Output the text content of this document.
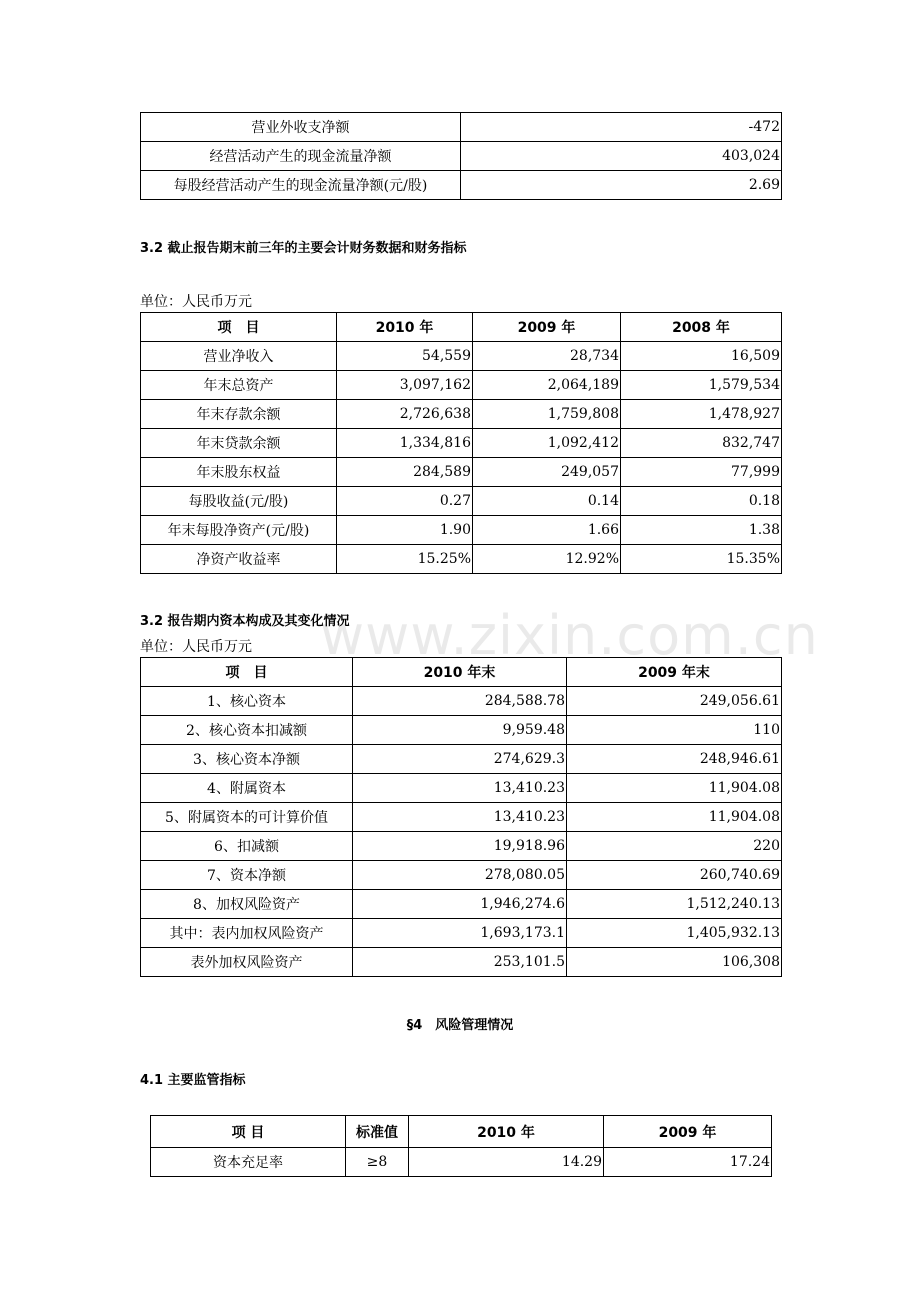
www.zixin.com.cn
营业外收支净额	-472
经营活动产生的现金流量净额	403,024
每股经营活动产生的现金流量净额(元/股)	2.69
3.2 截止报告期末前三年的主要会计财务数据和财务指标
单位：人民币万元
项　目	2010 年	2009 年	2008 年
营业净收入	54,559	28,734	16,509
年末总资产	3,097,162	2,064,189	1,579,534
年末存款余额	2,726,638	1,759,808	1,478,927
年末贷款余额	1,334,816	1,092,412	832,747
年末股东权益	284,589	249,057	77,999
每股收益(元/股)	0.27	0.14	0.18
年末每股净资产(元/股)	1.90	1.66	1.38
净资产收益率	15.25%	12.92%	15.35%
3.2 报告期内资本构成及其变化情况
单位：人民币万元
项　目	2010 年末	2009 年末
1、核心资本	284,588.78	249,056.61
2、核心资本扣减额	9,959.48	110
3、核心资本净额	274,629.3	248,946.61
4、附属资本	13,410.23	11,904.08
5、附属资本的可计算价值	13,410.23	11,904.08
6、扣减额	19,918.96	220
7、资本净额	278,080.05	260,740.69
8、加权风险资产	1,946,274.6	1,512,240.13
其中：表内加权风险资产	1,693,173.1	1,405,932.13
表外加权风险资产	253,101.5	106,308
§4　风险管理情况
4.1 主要监管指标
项 目	标准值	2010 年	2009 年
资本充足率	≥8	14.29	17.24
